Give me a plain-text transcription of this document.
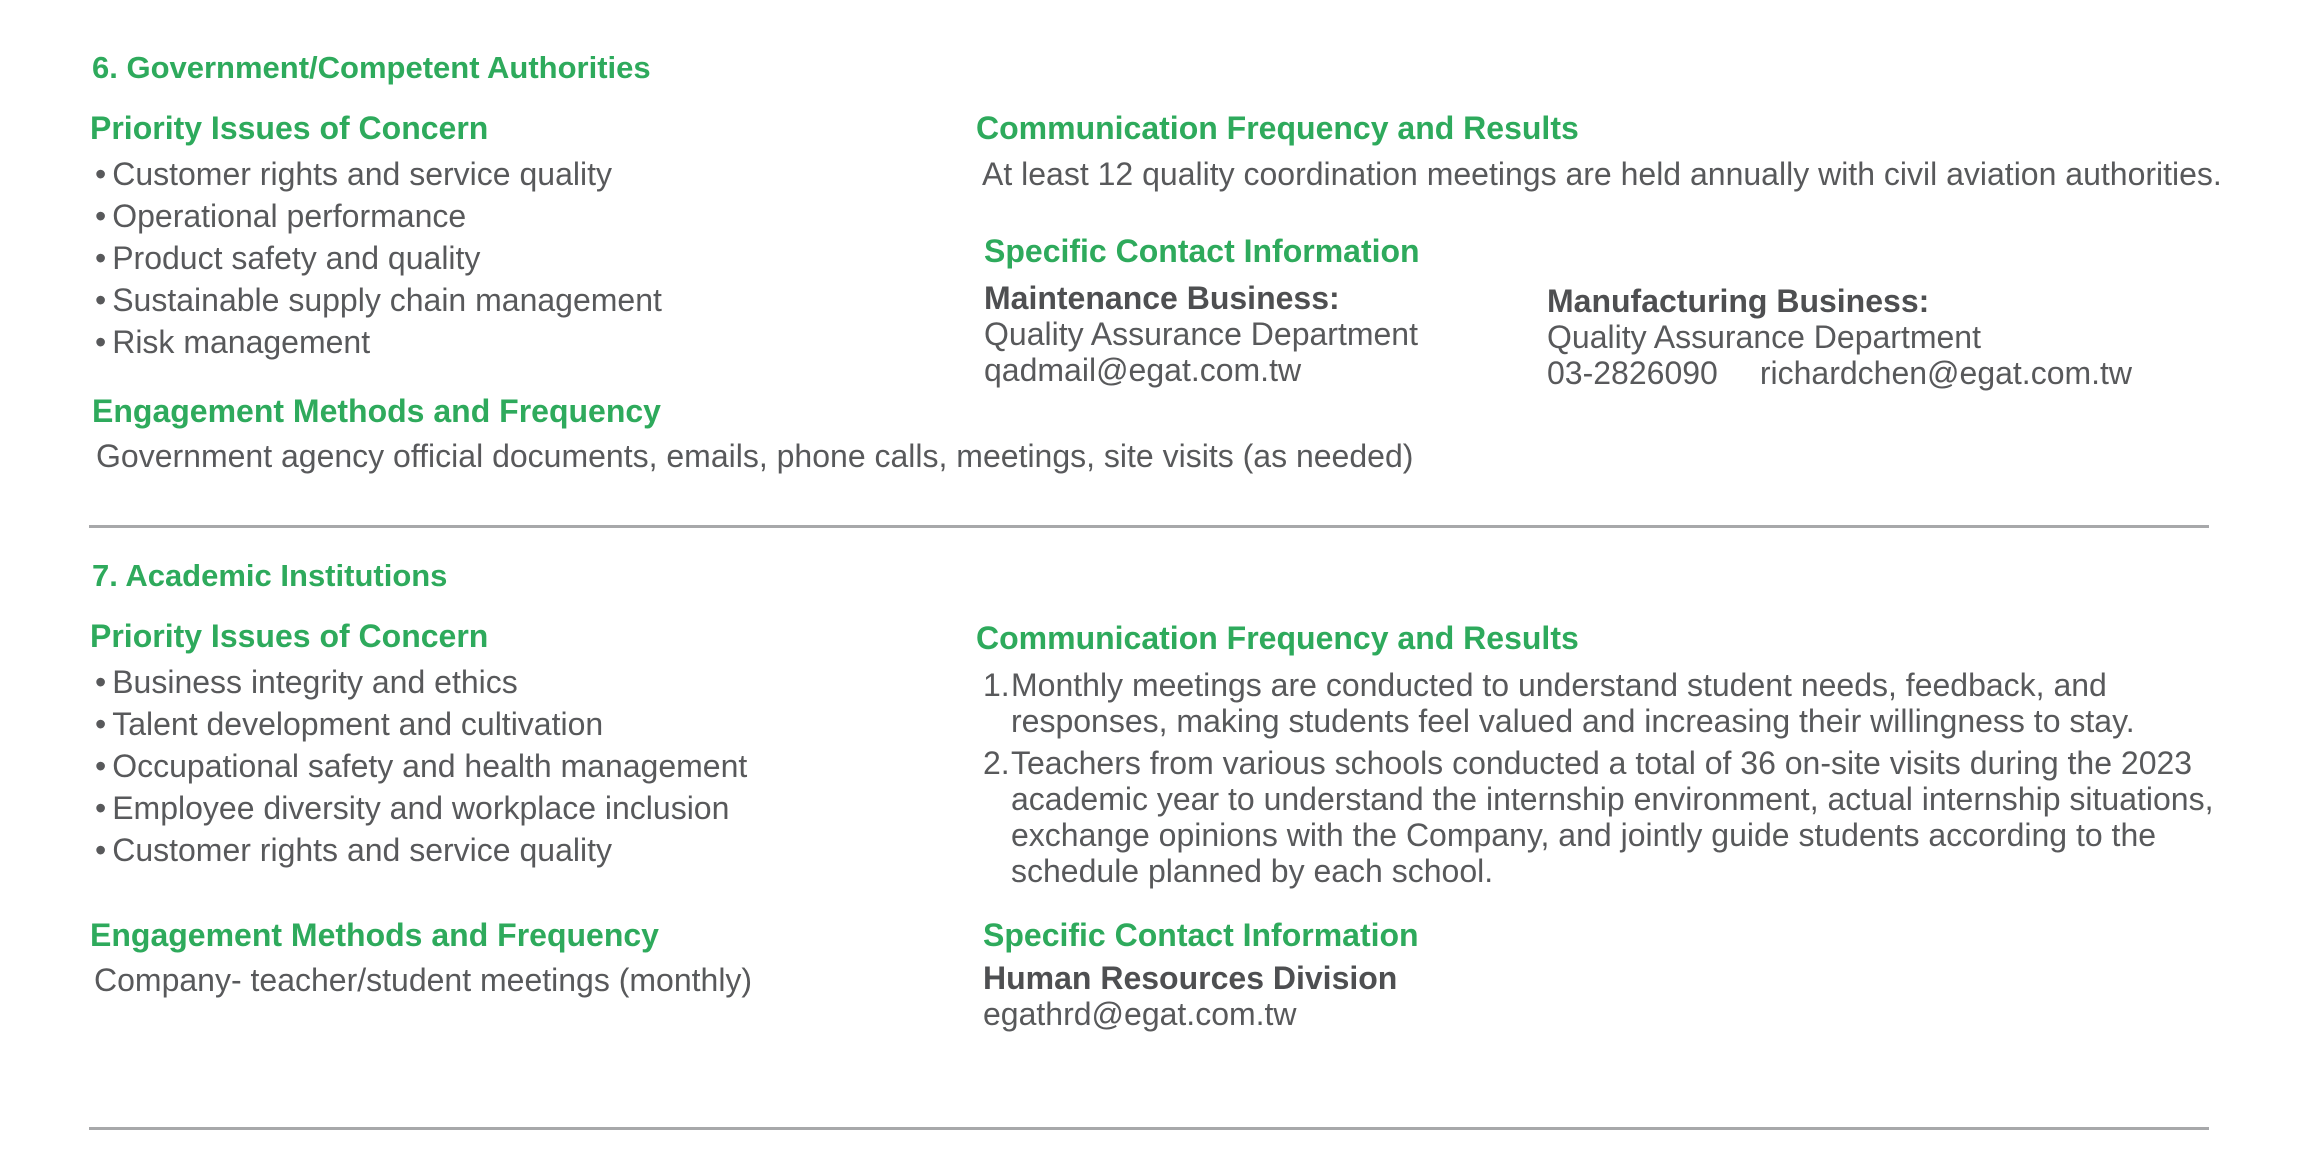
6. Government/Competent Authorities
Priority Issues of Concern
• Customer rights and service quality
• Operational performance
• Product safety and quality
• Sustainable supply chain management
• Risk management
Engagement Methods and Frequency
Government agency official documents, emails, phone calls, meetings, site visits (as needed)
Communication Frequency and Results
At least 12 quality coordination meetings are held annually with civil aviation authorities.
Specific Contact Information
Maintenance Business:
Quality Assurance Department
qadmail@egat.com.tw
Manufacturing Business:
Quality Assurance Department
03-2826090 richardchen@egat.com.tw
7. Academic Institutions
Priority Issues of Concern
• Business integrity and ethics
• Talent development and cultivation
• Occupational safety and health management
• Employee diversity and workplace inclusion
• Customer rights and service quality
Engagement Methods and Frequency
Company- teacher/student meetings (monthly)
Communication Frequency and Results
1. Monthly meetings are conducted to understand student needs, feedback, and responses, making students feel valued and increasing their willingness to stay.
2. Teachers from various schools conducted a total of 36 on-site visits during the 2023 academic year to understand the internship environment, actual internship situations, exchange opinions with the Company, and jointly guide students according to the schedule planned by each school.
Specific Contact Information
Human Resources Division
egathrd@egat.com.tw
